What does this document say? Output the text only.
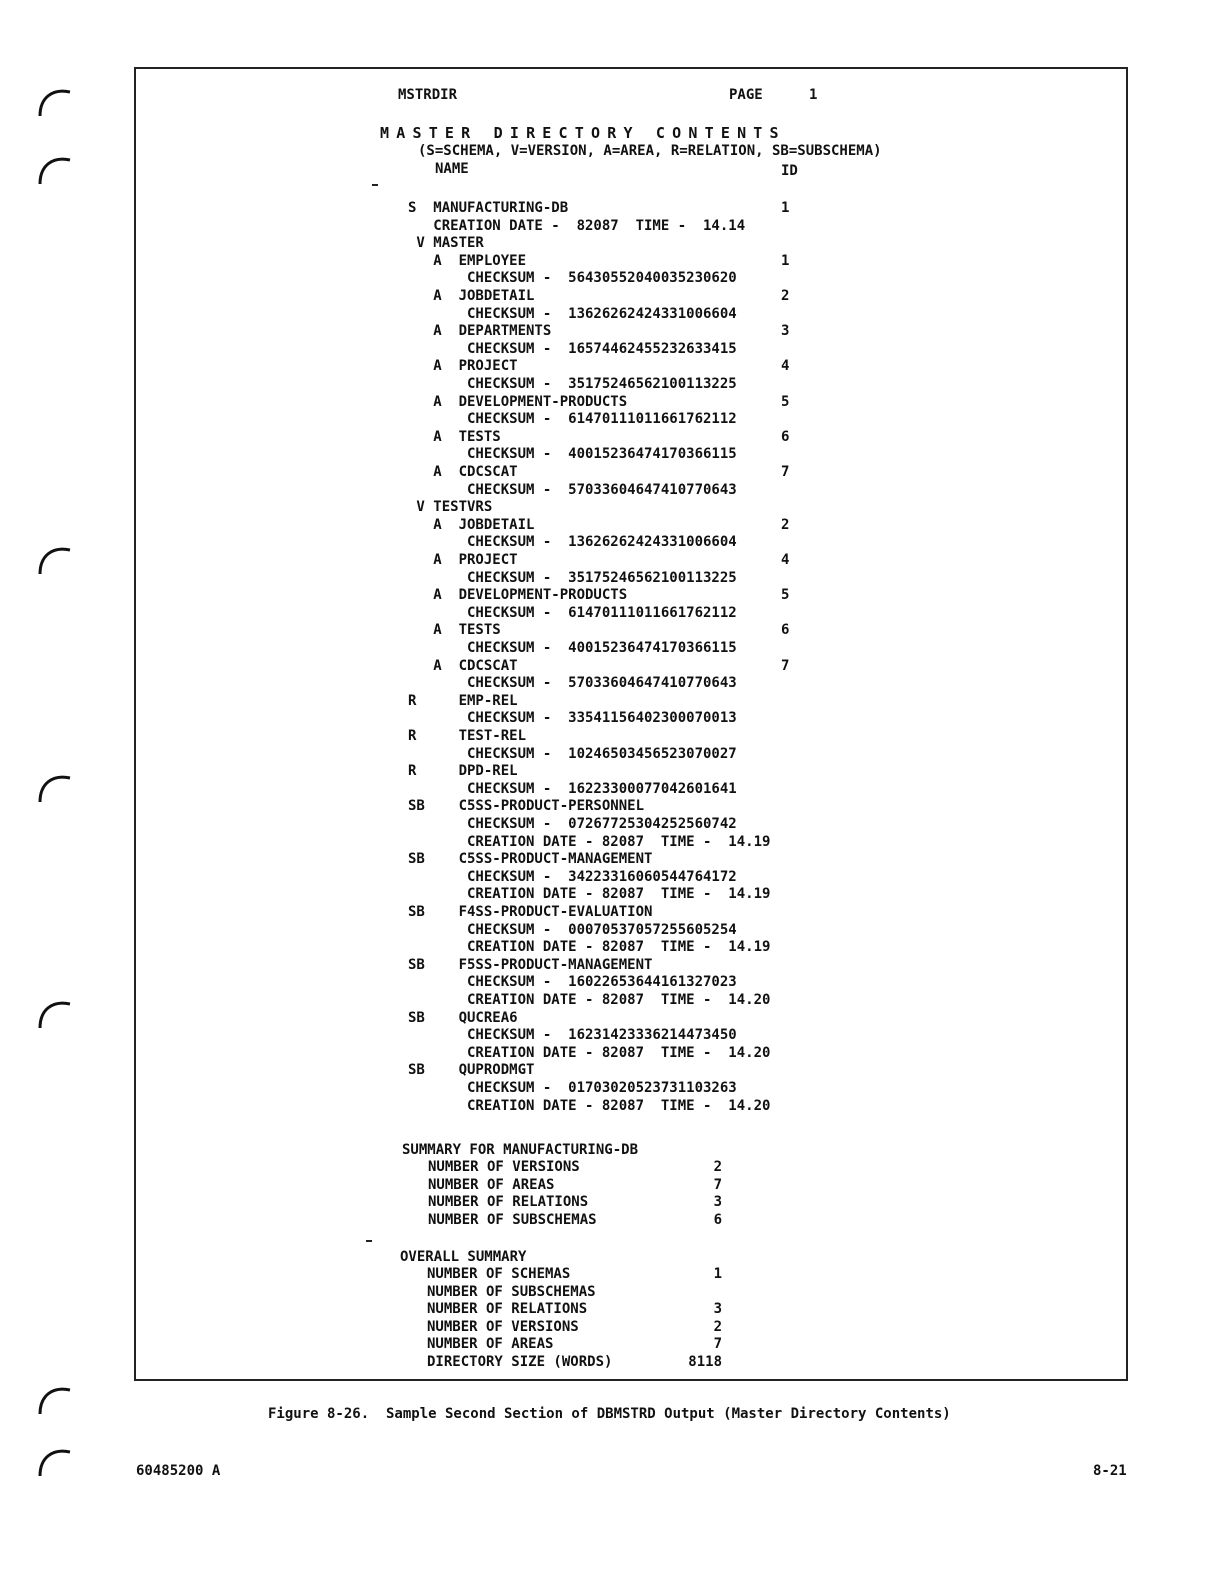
MSTRDIR	PAGE	1
MASTER DIRECTORY CONTENTS
(S=SCHEMA, V=VERSION, A=AREA, R=RELATION, SB=SUBSCHEMA)
NAME	ID
S  MANUFACTURING-DB	1
CREATION DATE -  82087  TIME -  14.14
V MASTER
A  EMPLOYEE	1
CHECKSUM -  56430552040035230620
A  JOBDETAIL	2
CHECKSUM -  13626262424331006604
A  DEPARTMENTS	3
CHECKSUM -  16574462455232633415
A  PROJECT	4
CHECKSUM -  35175246562100113225
A  DEVELOPMENT-PRODUCTS	5
CHECKSUM -  61470111011661762112
A  TESTS	6
CHECKSUM -  40015236474170366115
A  CDCSCAT	7
CHECKSUM -  57033604647410770643
V TESTVRS
A  JOBDETAIL	2
CHECKSUM -  13626262424331006604
A  PROJECT	4
CHECKSUM -  35175246562100113225
A  DEVELOPMENT-PRODUCTS	5
CHECKSUM -  61470111011661762112
A  TESTS	6
CHECKSUM -  40015236474170366115
A  CDCSCAT	7
CHECKSUM -  57033604647410770643
R     EMP-REL
CHECKSUM -  33541156402300070013
R     TEST-REL
CHECKSUM -  10246503456523070027
R     DPD-REL
CHECKSUM -  16223300077042601641
SB    C5SS-PRODUCT-PERSONNEL
CHECKSUM -  07267725304252560742
CREATION DATE - 82087  TIME -  14.19
SB    C5SS-PRODUCT-MANAGEMENT
CHECKSUM -  34223316060544764172
CREATION DATE - 82087  TIME -  14.19
SB    F4SS-PRODUCT-EVALUATION
CHECKSUM -  00070537057255605254
CREATION DATE - 82087  TIME -  14.19
SB    F5SS-PRODUCT-MANAGEMENT
CHECKSUM -  16022653644161327023
CREATION DATE - 82087  TIME -  14.20
SB    QUCREA6
CHECKSUM -  16231423336214473450
CREATION DATE - 82087  TIME -  14.20
SB    QUPRODMGT
CHECKSUM -  01703020523731103263
CREATION DATE - 82087  TIME -  14.20
SUMMARY FOR MANUFACTURING-DB
NUMBER OF VERSIONS	2
NUMBER OF AREAS	7
NUMBER OF RELATIONS	3
NUMBER OF SUBSCHEMAS	6
OVERALL SUMMARY
NUMBER OF SCHEMAS	1
NUMBER OF SUBSCHEMAS
NUMBER OF RELATIONS	3
NUMBER OF VERSIONS	2
NUMBER OF AREAS	7
DIRECTORY SIZE (WORDS)	8118
Figure 8-26.  Sample Second Section of DBMSTRD Output (Master Directory Contents)
60485200 A	8-21
